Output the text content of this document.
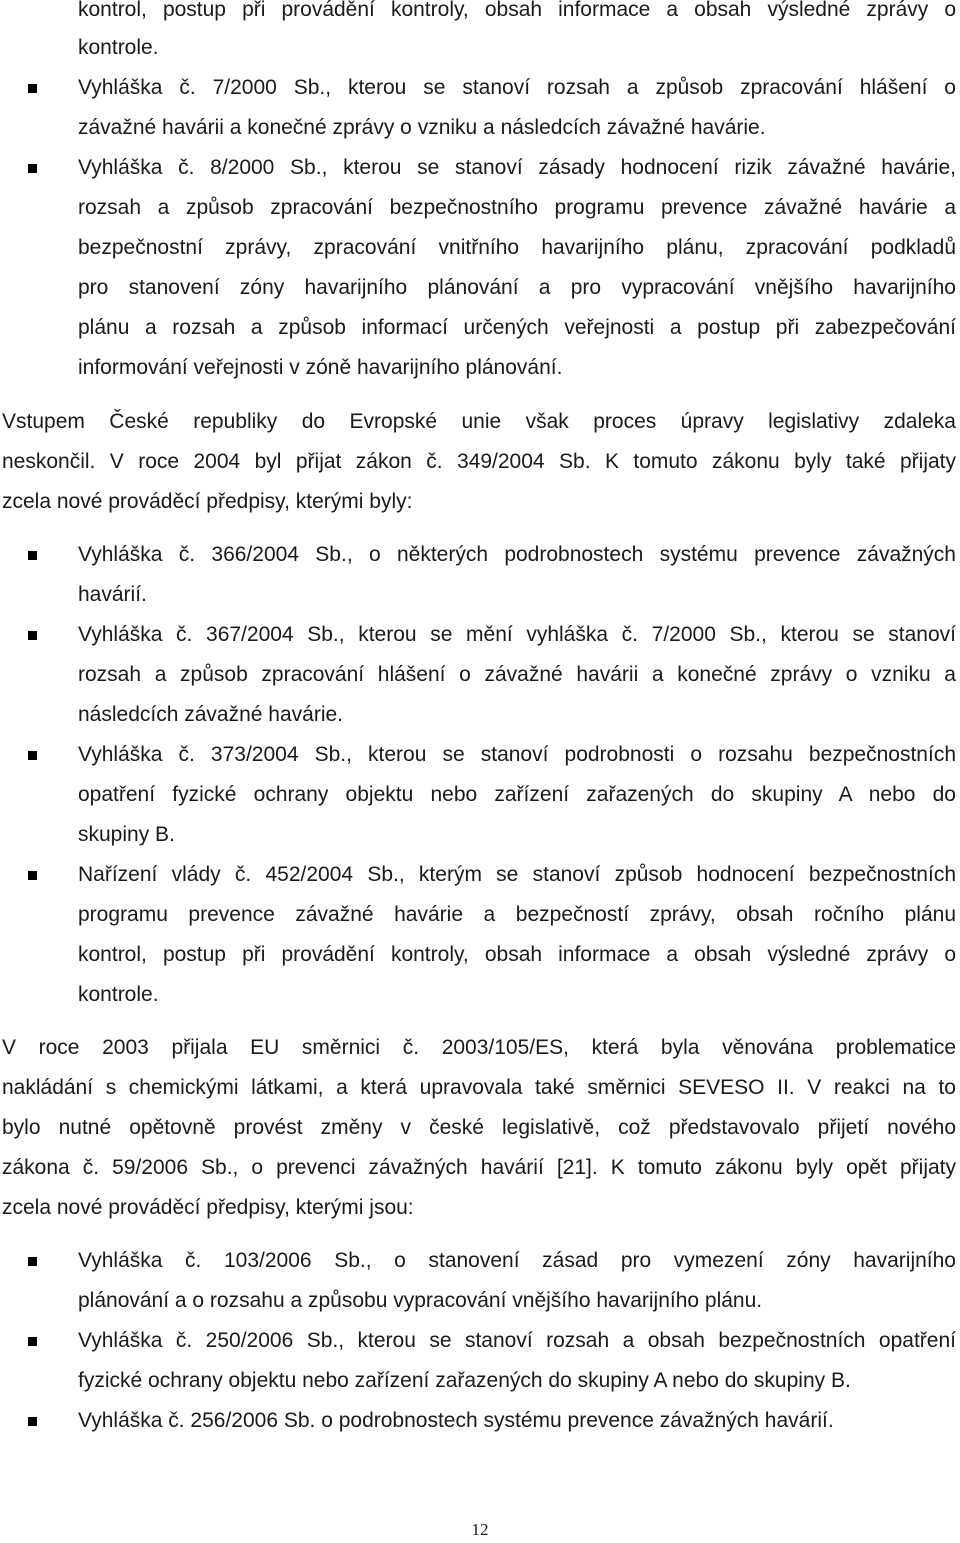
kontrol, postup při provádění kontroly, obsah informace a obsah výsledné zprávy o
kontrole.
Vyhláška č. 7/2000 Sb., kterou se stanoví rozsah a způsob zpracování hlášení o
závažné havárii a konečné zprávy o vzniku a následcích závažné havárie.
Vyhláška č. 8/2000 Sb., kterou se stanoví zásady hodnocení rizik závažné havárie,
rozsah a způsob zpracování bezpečnostního programu prevence závažné havárie a
bezpečnostní zprávy, zpracování vnitřního havarijního plánu, zpracování podkladů
pro stanovení zóny havarijního plánování a pro vypracování vnějšího havarijního
plánu a rozsah a způsob informací určených veřejnosti a postup při zabezpečování
informování veřejnosti v zóně havarijního plánování.
Vstupem České republiky do Evropské unie však proces úpravy legislativy zdaleka
neskončil. V roce 2004 byl přijat zákon č. 349/2004 Sb. K tomuto zákonu byly také přijaty
zcela nové prováděcí předpisy, kterými byly:
Vyhláška č. 366/2004 Sb., o některých podrobnostech systému prevence závažných
havárií.
Vyhláška č. 367/2004 Sb., kterou se mění vyhláška č. 7/2000 Sb., kterou se stanoví
rozsah a způsob zpracování hlášení o závažné havárii a konečné zprávy o vzniku a
následcích závažné havárie.
Vyhláška č. 373/2004 Sb., kterou se stanoví podrobnosti o rozsahu bezpečnostních
opatření fyzické ochrany objektu nebo zařízení zařazených do skupiny A nebo do
skupiny B.
Nařízení vlády č. 452/2004 Sb., kterým se stanoví způsob hodnocení bezpečnostních
programu prevence závažné havárie a bezpečností zprávy, obsah ročního plánu
kontrol, postup při provádění kontroly, obsah informace a obsah výsledné zprávy o
kontrole.
V roce 2003 přijala EU směrnici č. 2003/105/ES, která byla věnována problematice
nakládání s chemickými látkami, a která upravovala také směrnici SEVESO II. V reakci na to
bylo nutné opětovně provést změny v české legislativě, což představovalo přijetí nového
zákona č. 59/2006 Sb., o prevenci závažných havárií [21]. K tomuto zákonu byly opět přijaty
zcela nové prováděcí předpisy, kterými jsou:
Vyhláška č. 103/2006 Sb., o stanovení zásad pro vymezení zóny havarijního
plánování a o rozsahu a způsobu vypracování vnějšího havarijního plánu.
Vyhláška č. 250/2006 Sb., kterou se stanoví rozsah a obsah bezpečnostních opatření
fyzické ochrany objektu nebo zařízení zařazených do skupiny A nebo do skupiny B.
Vyhláška č. 256/2006 Sb. o podrobnostech systému prevence závažných havárií.
12
